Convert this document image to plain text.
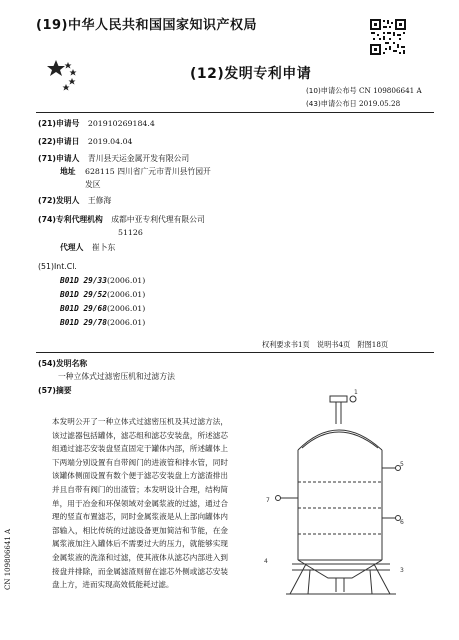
(19)中华人民共和国国家知识产权局
(12)发明专利申请
(10)申请公布号 CN 109806641 A
(43)申请公布日 2019.05.28
(21)申请号 201910269184.4
(22)申请日 2019.04.04
(71)申请人 青川县天运金属开发有限公司
地址 628115 四川省广元市青川县竹园开
发区
(72)发明人 王修海
(74)专利代理机构 成都中亚专利代理有限公司
51126
代理人 崔卜东
(51)Int.Cl.
B01D 29/33(2006.01)
B01D 29/52(2006.01)
B01D 29/68(2006.01)
B01D 29/78(2006.01)
权利要求书1页　说明书4页　附图18页
(54)发明名称
一种立体式过滤密压机和过滤方法
(57)摘要
本发明公开了一种立体式过滤密压机及其过滤方法，该过滤器包括罐体，滤芯组和滤芯安装盘，所述滤芯组通过滤芯安装盘竖直固定于罐体内部，所述罐体上下两端分别设置有自带阀门的进液管和排水管，同时该罐体侧面设置有数个便于滤芯安装盘上方滤渣排出并且自带有阀门的出渣管；本发明设计合理，结构简单，用于冶金和环保领域对金属浆液的过滤，通过合理的竖直布置滤芯，同时金属浆液是从上部向罐体内部输入，相比传统的过滤设备更加简洁和节能，在金属浆液加注入罐体后不需要过大的压力，就能够实现金属浆液的洗涤和过滤，使其液体从滤芯内部进入到接盘并排除，而金属滤渣则留在滤芯外侧或滤芯安装盘上方，进而实现高效低能耗过滤。
1
5
6
7
4
3
CN 109806641 A
